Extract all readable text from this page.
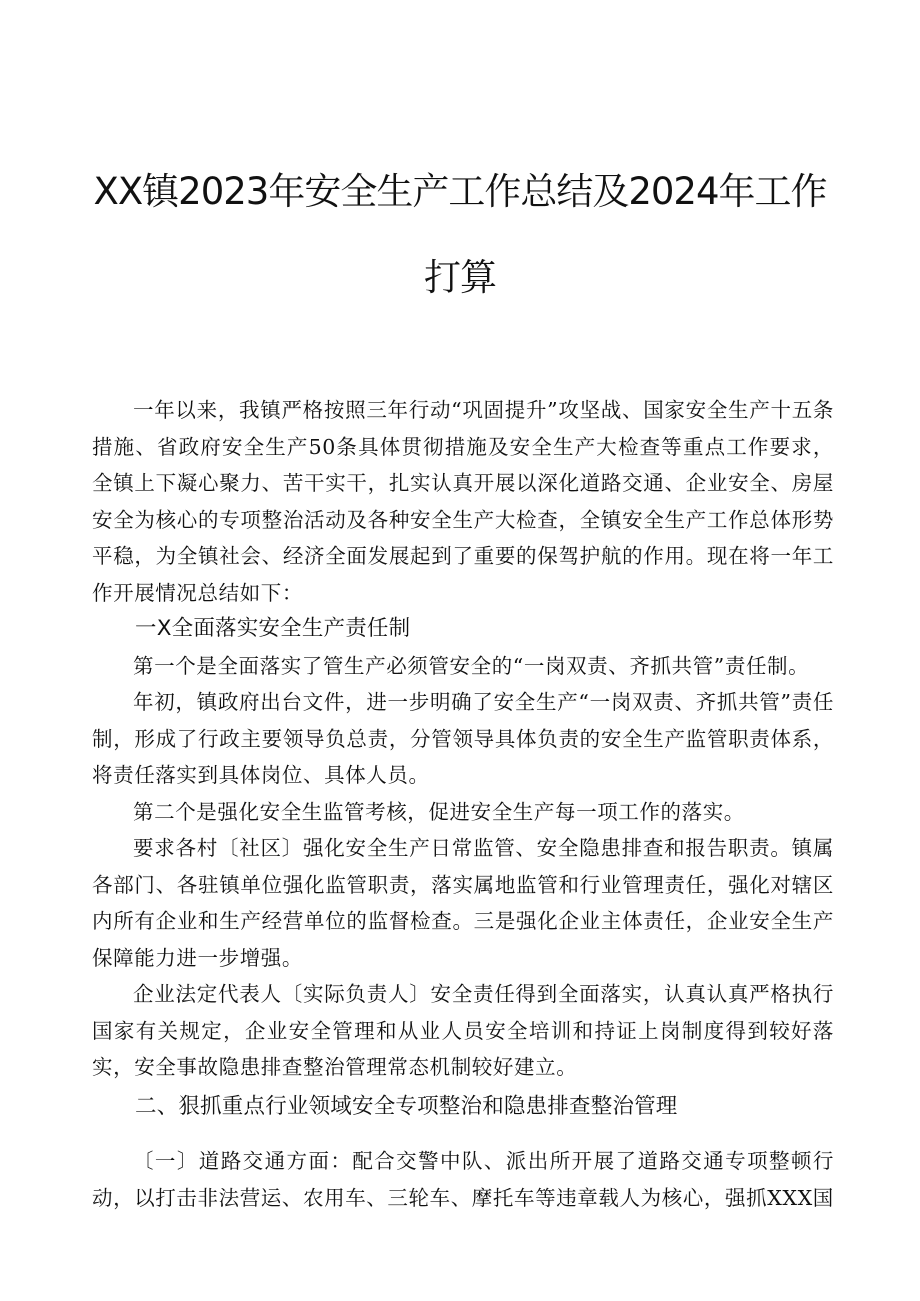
XX镇2023年安全生产工作总结及2024年工作
打算

一年以来，我镇严格按照三年行动“巩固提升”攻坚战、国家安全生产十五条措施、省政府安全生产50条具体贯彻措施及安全生产大检查等重点工作要求，全镇上下凝心聚力、苦干实干，扎实认真开展以深化道路交通、企业安全、房屋安全为核心的专项整治活动及各种安全生产大检查，全镇安全生产工作总体形势平稳，为全镇社会、经济全面发展起到了重要的保驾护航的作用。现在将一年工作开展情况总结如下：

一X全面落实安全生产责任制

第一个是全面落实了管生产必须管安全的“一岗双责、齐抓共管”责任制。

年初，镇政府出台文件，进一步明确了安全生产“一岗双责、齐抓共管”责任制，形成了行政主要领导负总责，分管领导具体负责的安全生产监管职责体系，将责任落实到具体岗位、具体人员。

第二个是强化安全生监管考核，促进安全生产每一项工作的落实。

要求各村〔社区〕强化安全生产日常监管、安全隐患排查和报告职责。镇属各部门、各驻镇单位强化监管职责，落实属地监管和行业管理责任，强化对辖区内所有企业和生产经营单位的监督检查。三是强化企业主体责任，企业安全生产保障能力进一步增强。

企业法定代表人〔实际负责人〕安全责任得到全面落实，认真认真严格执行国家有关规定，企业安全管理和从业人员安全培训和持证上岗制度得到较好落实，安全事故隐患排查整治管理常态机制较好建立。

二、狠抓重点行业领域安全专项整治和隐患排查整治管理

〔一〕道路交通方面：配合交警中队、派出所开展了道路交通专项整顿行动，以打击非法营运、农用车、三轮车、摩托车等违章载人为核心，强抓XXX国
